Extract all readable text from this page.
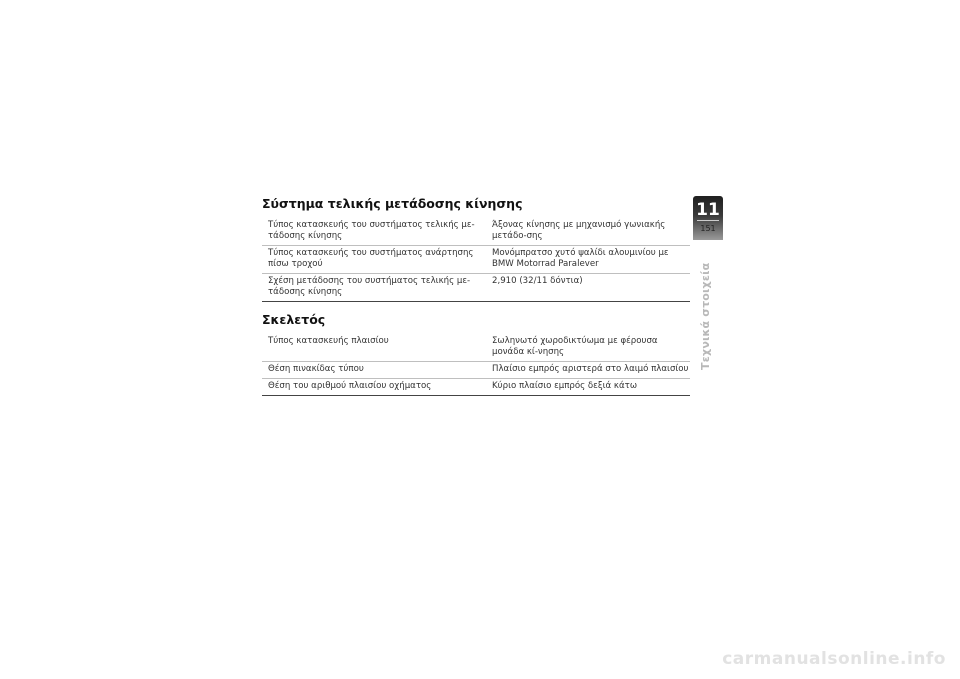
Σύστημα τελικής μετάδοσης κίνησης
Τύπος κατασκευής του συστήματος τελικής με-τάδοσης κίνησης	Άξονας κίνησης με μηχανισμό γωνιακής μετάδο-σης
Τύπος κατασκευής του συστήματος ανάρτησης πίσω τροχού	Μονόμπρατσο χυτό ψαλίδι αλουμινίου με BMW Motorrad Paralever
Σχέση μετάδοσης του συστήματος τελικής με-τάδοσης κίνησης	2,910 (32/11 δόντια)
Σκελετός
Τύπος κατασκευής πλαισίου	Σωληνωτό χωροδικτύωμα με φέρουσα μονάδα κί-νησης
Θέση πινακίδας τύπου	Πλαίσιο εμπρός αριστερά στο λαιμό πλαισίου
Θέση του αριθμού πλαισίου οχήματος	Κύριο πλαίσιο εμπρός δεξιά κάτω
11
151
Τεχνικά στοιχεία
carmanualsonline.info
